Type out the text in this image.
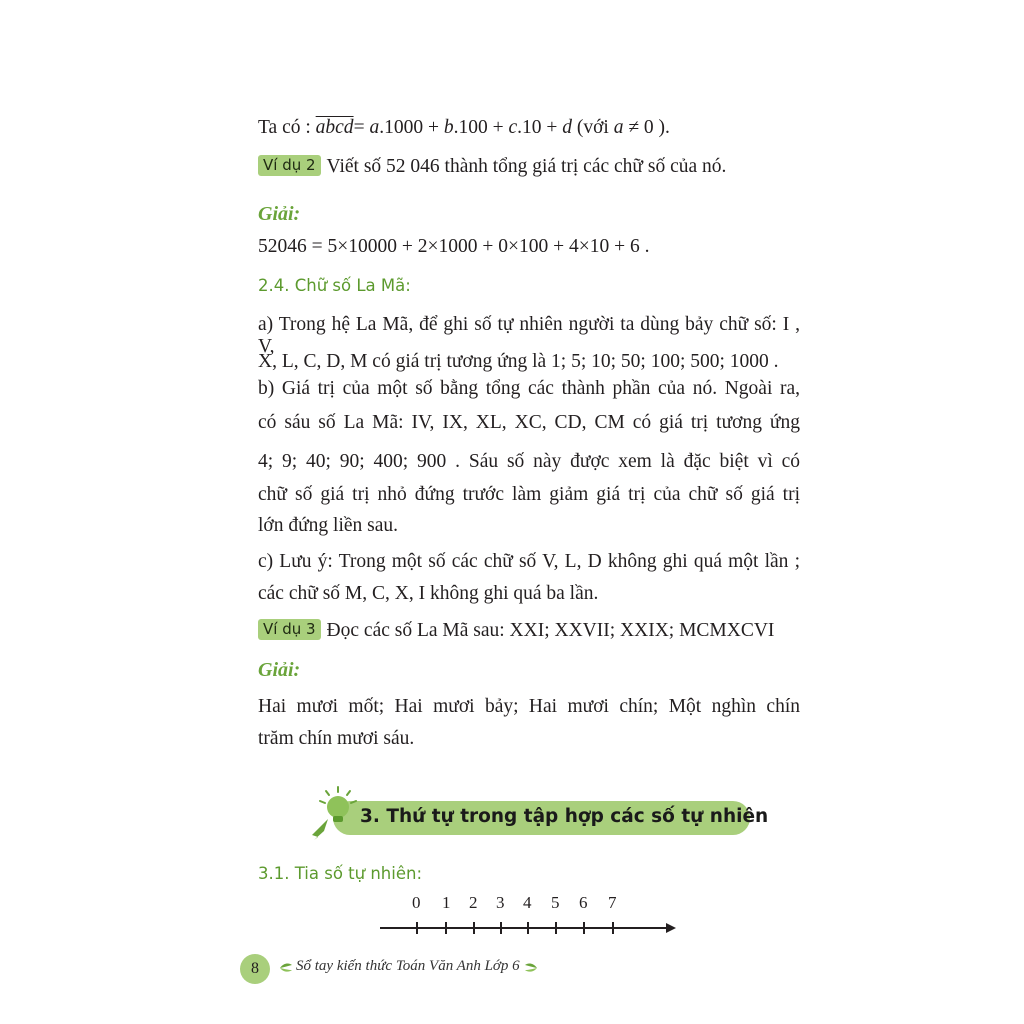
Ta có : abcd= a.1000 + b.100 + c.10 + d (với a ≠ 0 ).
Ví dụ 2 Viết số 52 046 thành tổng giá trị các chữ số của nó.
Giải:
52046 = 5×10000 + 2×1000 + 0×100 + 4×10 + 6 .
2.4. Chữ số La Mã:
a) Trong hệ La Mã, để ghi số tự nhiên người ta dùng bảy chữ số: I , V,
X, L, C, D, M có giá trị tương ứng là 1; 5; 10; 50; 100; 500; 1000 .
b) Giá trị của một số bằng tổng các thành phần của nó. Ngoài ra,
có sáu số La Mã: IV, IX, XL, XC, CD, CM có giá trị tương ứng
4; 9; 40; 90; 400; 900 . Sáu số này được xem là đặc biệt vì có
chữ số giá trị nhỏ đứng trước làm giảm giá trị của chữ số giá trị
lớn đứng liền sau.
c) Lưu ý: Trong một số các chữ số V, L, D không ghi quá một lần ;
các chữ số M, C, X, I không ghi quá ba lần.
Ví dụ 3 Đọc các số La Mã sau: XXI; XXVII; XXIX; MCMXCVI
Giải:
Hai mươi mốt; Hai mươi bảy; Hai mươi chín; Một nghìn chín
trăm chín mươi sáu.
3. Thứ tự trong tập hợp các số tự nhiên
3.1. Tia số tự nhiên:
0 1 2 3 4 5 6 7
8	Sổ tay kiến thức Toán Văn Anh Lớp 6
